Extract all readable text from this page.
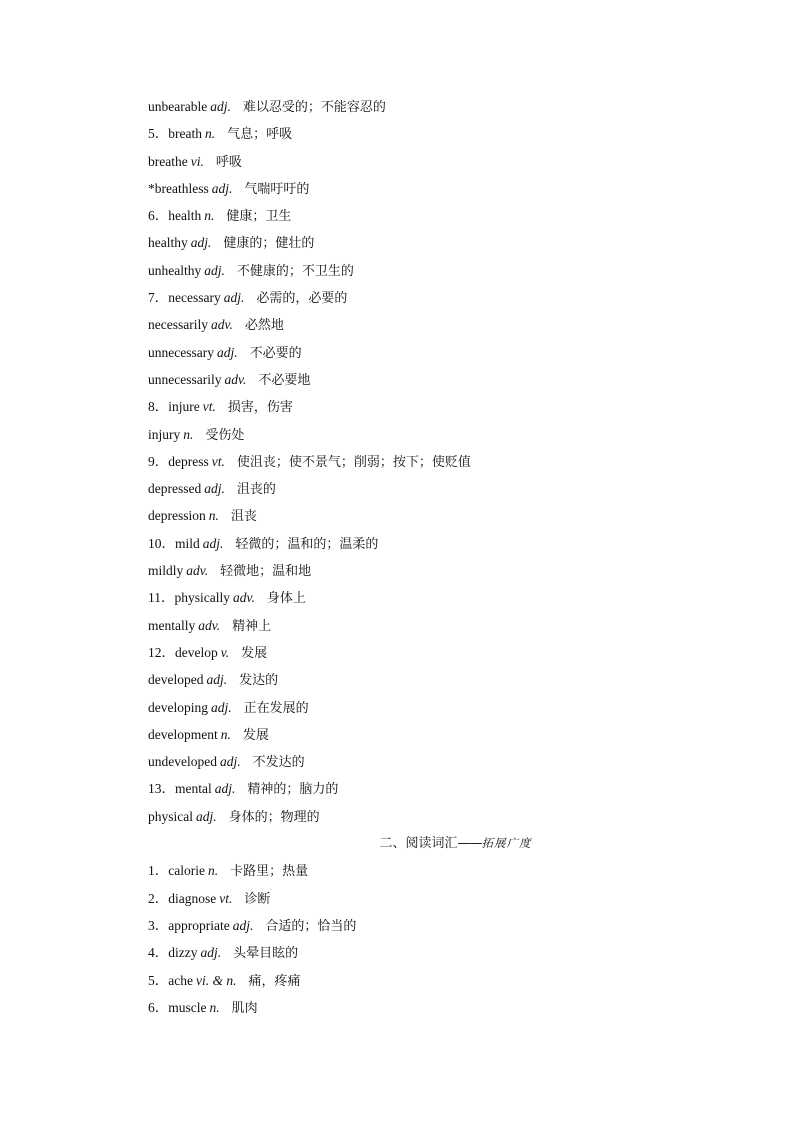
unbearable adj. 难以忍受的；不能容忍的
5．breath n. 气息；呼吸
breathe vi. 呼吸
*breathless adj. 气喘吁吁的
6．health n. 健康；卫生
healthy adj. 健康的；健壮的
unhealthy adj. 不健康的；不卫生的
7．necessary adj. 必需的，必要的
necessarily adv. 必然地
unnecessary adj. 不必要的
unnecessarily adv. 不必要地
8．injure vt. 损害，伤害
injury n. 受伤处
9．depress vt. 使沮丧；使不景气；削弱；按下；使贬值
depressed adj. 沮丧的
depression n. 沮丧
10．mild adj. 轻微的；温和的；温柔的
mildly adv. 轻微地；温和地
11．physically adv. 身体上
mentally adv. 精神上
12．develop v. 发展
developed adj. 发达的
developing adj. 正在发展的
development n. 发展
undeveloped adj. 不发达的
13．mental adj. 精神的；脑力的
physical adj. 身体的；物理的
二、阅读词汇——拓展广度
1．calorie n. 卡路里；热量
2．diagnose vt. 诊断
3．appropriate adj. 合适的；恰当的
4．dizzy adj. 头晕目眩的
5．ache vi. & n. 痛，疼痛
6．muscle n. 肌肉
